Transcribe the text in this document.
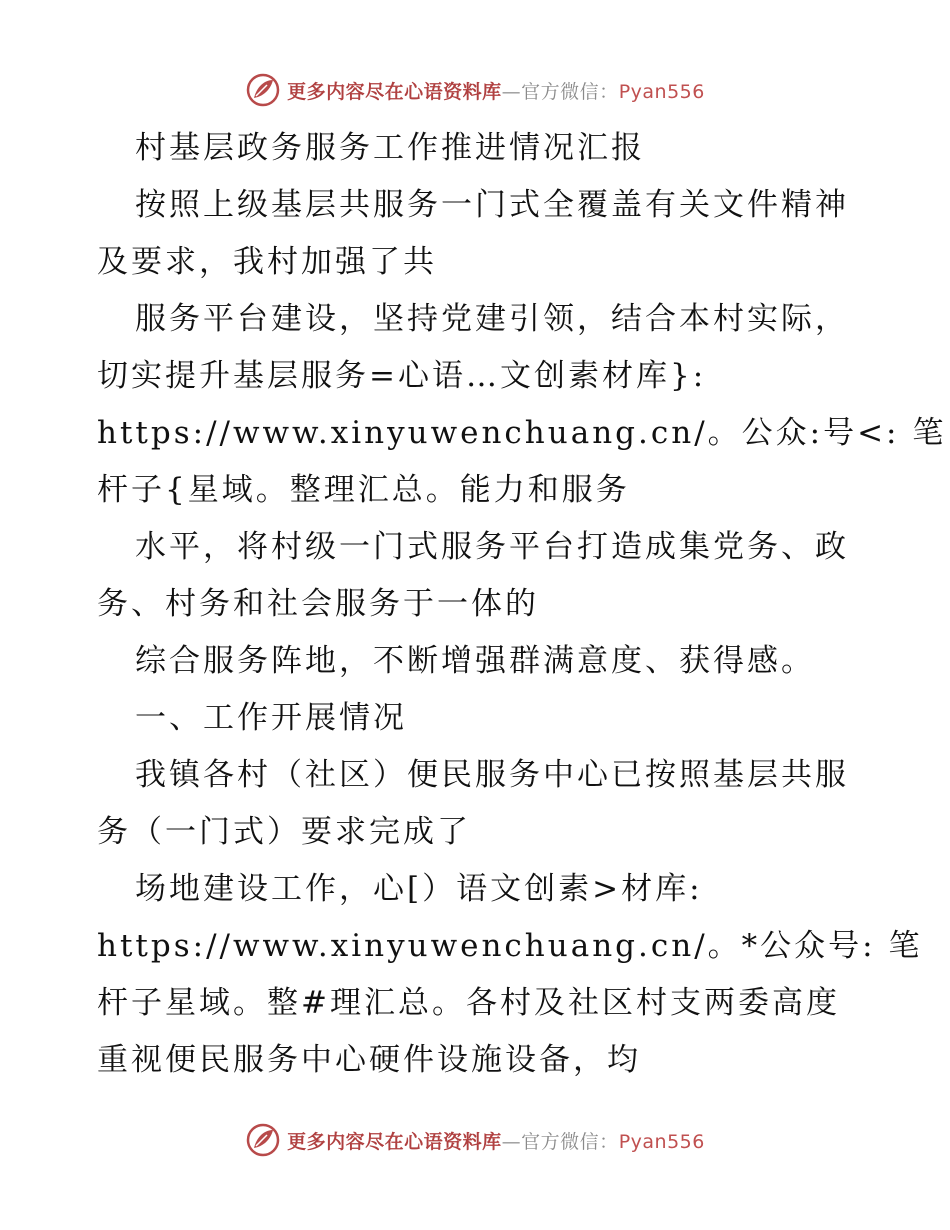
更多内容尽在心语资料库—官方微信：Pyan556
村基层政务服务工作推进情况汇报
按照上级基层共服务一门式全覆盖有关文件精神
及要求，我村加强了共
服务平台建设，坚持党建引领，结合本村实际，
切实提升基层服务=心语…文创素材库}:
https://www.xinyuwenchuang.cn/。公众:号<: 笔
杆子{星域。整理汇总。能力和服务
水平，将村级一门式服务平台打造成集党务、政
务、村务和社会服务于一体的
综合服务阵地，不断增强群满意度、获得感。
一、工作开展情况
我镇各村（社区）便民服务中心已按照基层共服
务（一门式）要求完成了
场地建设工作，心[）语文创素>材库:
https://www.xinyuwenchuang.cn/。*公众号: 笔
杆子星域。整#理汇总。各村及社区村支两委高度
重视便民服务中心硬件设施设备，均
更多内容尽在心语资料库—官方微信：Pyan556
